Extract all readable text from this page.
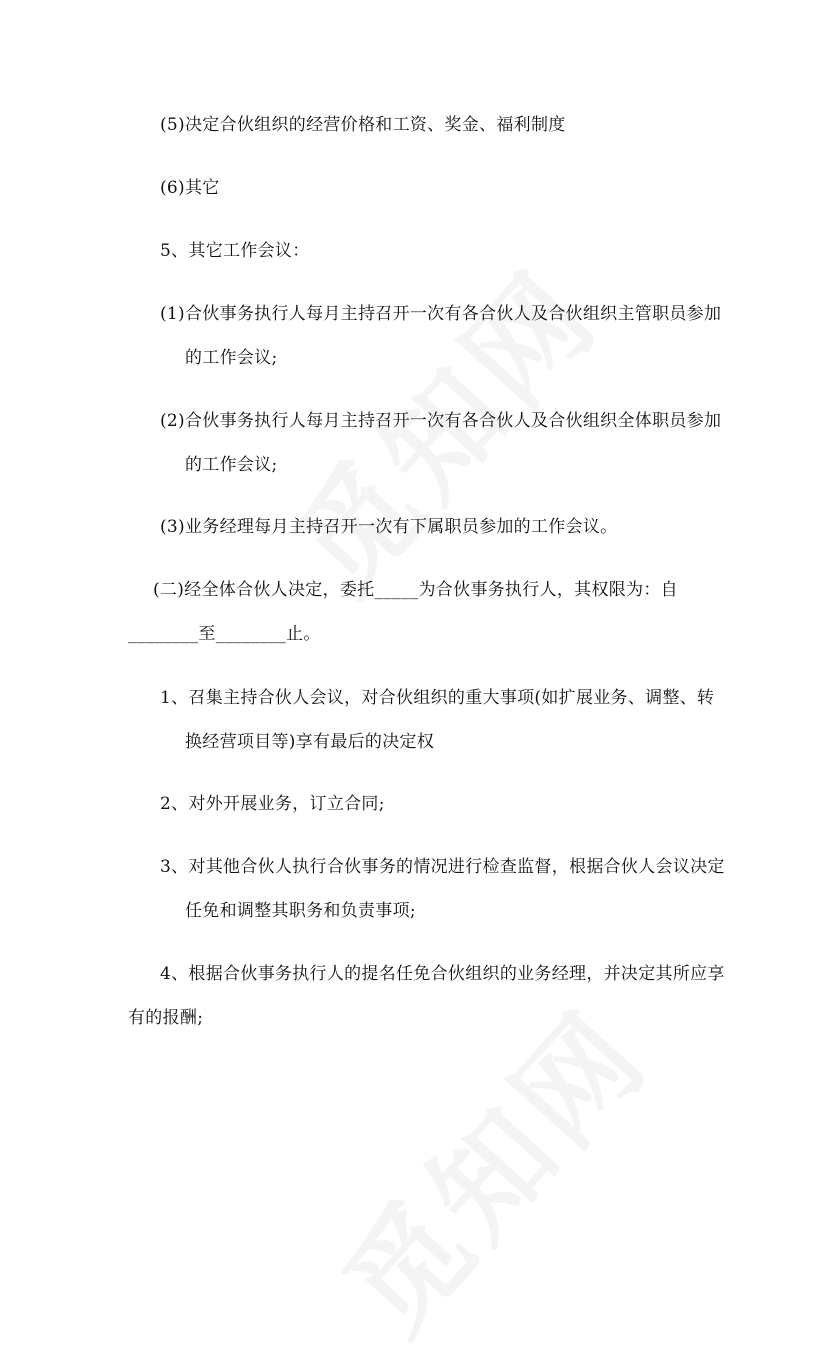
(5)决定合伙组织的经营价格和工资、奖金、福利制度
(6)其它
5、其它工作会议：
(1)合伙事务执行人每月主持召开一次有各合伙人及合伙组织主管职员参加
的工作会议;
(2)合伙事务执行人每月主持召开一次有各合伙人及合伙组织全体职员参加
的工作会议;
(3)业务经理每月主持召开一次有下属职员参加的工作会议。
(二)经全体合伙人决定，委托_____为合伙事务执行人，其权限为：自
________至________止。
1、召集主持合伙人会议，对合伙组织的重大事项(如扩展业务、调整、转
换经营项目等)享有最后的决定权
2、对外开展业务，订立合同;
3、对其他合伙人执行合伙事务的情况进行检查监督，根据合伙人会议决定
任免和调整其职务和负责事项;
4、根据合伙事务执行人的提名任免合伙组织的业务经理，并决定其所应享
有的报酬;
